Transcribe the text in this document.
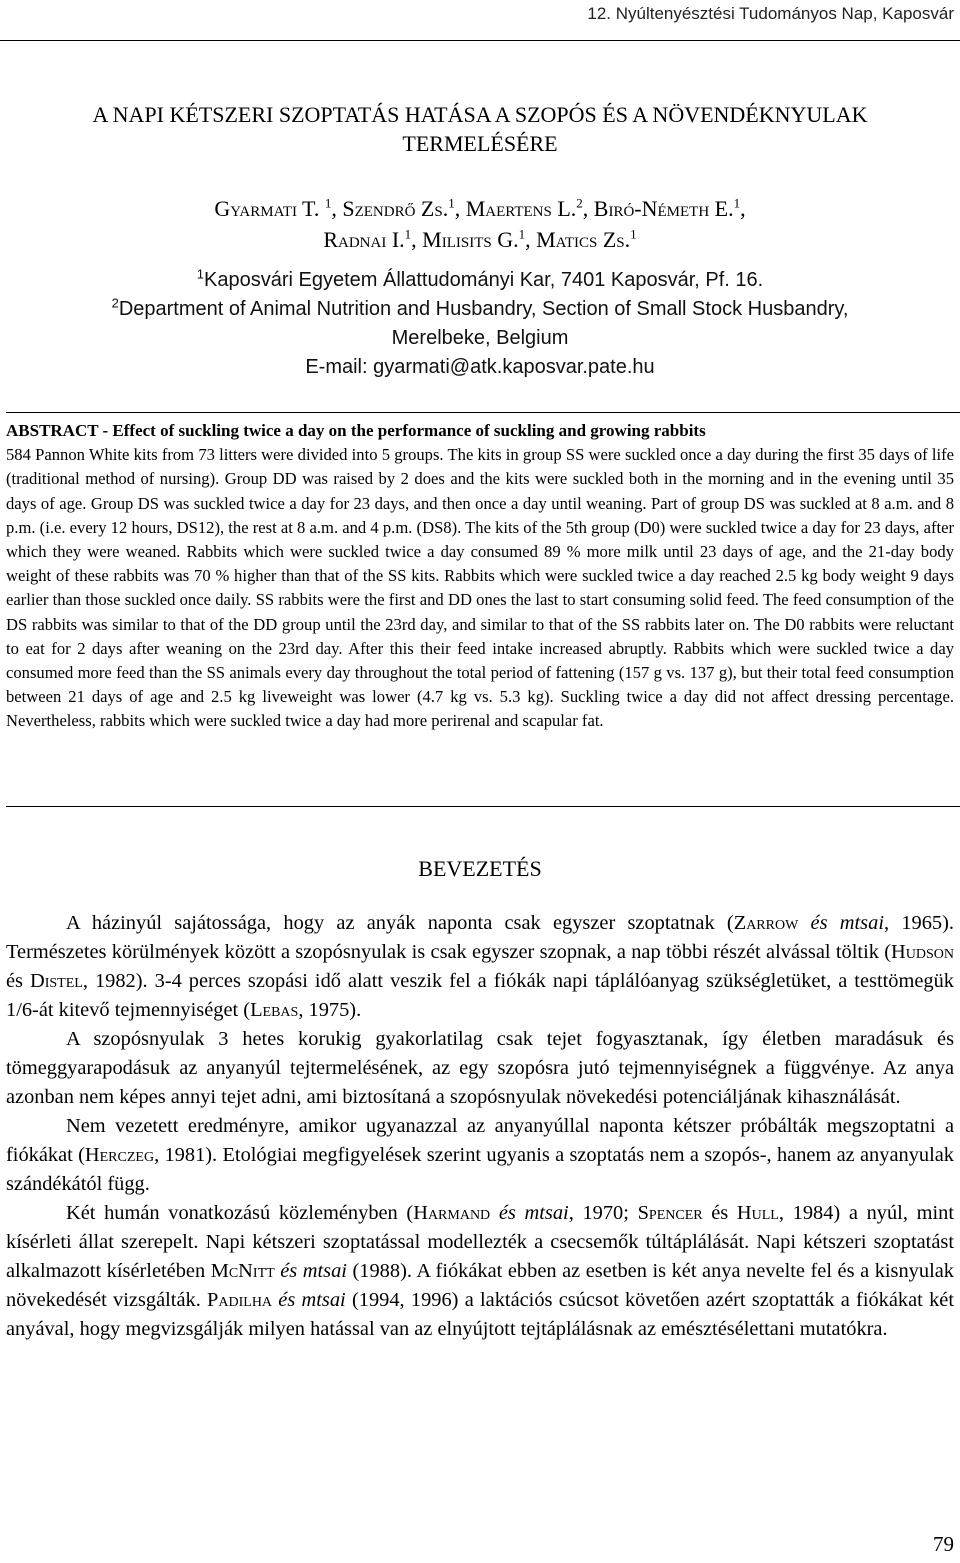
12. Nyúltenyésztési Tudományos Nap, Kaposvár
A NAPI KÉTSZERI SZOPTATÁS HATÁSA A SZOPÓS ÉS A NÖVENDÉKNYULAK
TERMELÉSÉRE
Gyarmati T. $^1$, Szendrő Zs.$^1$, Maertens L.$^2$, Biró-Németh E.$^1$,
Radnai I.$^1$, Milisits G.$^1$, Matics Zs.$^1$
$^1$Kaposvári Egyetem Állattudományi Kar, 7401 Kaposvár, Pf. 16.
$^2$Department of Animal Nutrition and Husbandry, Section of Small Stock Husbandry,
Merelbeke, Belgium
E-mail: gyarmati@atk.kaposvar.pate.hu
ABSTRACT - Effect of suckling twice a day on the performance of suckling and growing rabbits
584 Pannon White kits from 73 litters were divided into 5 groups. The kits in group SS were suckled once a day during the first 35 days of life (traditional method of nursing). Group DD was raised by 2 does and the kits were suckled both in the morning and in the evening until 35 days of age. Group DS was suckled twice a day for 23 days, and then once a day until weaning. Part of group DS was suckled at 8 a.m. and 8 p.m. (i.e. every 12 hours, DS12), the rest at 8 a.m. and 4 p.m. (DS8). The kits of the 5th group (D0) were suckled twice a day for 23 days, after which they were weaned. Rabbits which were suckled twice a day consumed 89 % more milk until 23 days of age, and the 21-day body weight of these rabbits was 70 % higher than that of the SS kits. Rabbits which were suckled twice a day reached 2.5 kg body weight 9 days earlier than those suckled once daily. SS rabbits were the first and DD ones the last to start consuming solid feed. The feed consumption of the DS rabbits was similar to that of the DD group until the 23rd day, and similar to that of the SS rabbits later on. The D0 rabbits were reluctant to eat for 2 days after weaning on the 23rd day. After this their feed intake increased abruptly. Rabbits which were suckled twice a day consumed more feed than the SS animals every day throughout the total period of fattening (157 g vs. 137 g), but their total feed consumption between 21 days of age and 2.5 kg liveweight was lower (4.7 kg vs. 5.3 kg). Suckling twice a day did not affect dressing percentage. Nevertheless, rabbits which were suckled twice a day had more perirenal and scapular fat.
BEVEZETÉS

A házinyúl sajátossága, hogy az anyák naponta csak egyszer szoptatnak (Zarrow és mtsai, 1965). Természetes körülmények között a szopósnyulak is csak egyszer szopnak, a nap többi részét alvással töltik (Hudson és Distel, 1982). 3-4 perces szopási idő alatt veszik fel a fiókák napi táplálóanyag szükségletüket, a testtömegük 1/6-át kitevő tejmennyiséget (Lebas, 1975).

A szopósnyulak 3 hetes korukig gyakorlatilag csak tejet fogyasztanak, így életben maradásuk és tömeggyarapodásuk az anyanyúl tejtermelésének, az egy szopósra jutó tejmennyiségnek a függvénye. Az anya azonban nem képes annyi tejet adni, ami biztosítaná a szopósnyulak növekedési potenciáljának kihasználását.

Nem vezetett eredményre, amikor ugyanazzal az anyanyúllal naponta kétszer próbálták megszoptatni a fiókákat (Herczeg, 1981). Etológiai megfigyelések szerint ugyanis a szoptatás nem a szopós-, hanem az anyanyulak szándékától függ.

Két humán vonatkozású közleményben (Harmand és mtsai, 1970; Spencer és Hull, 1984) a nyúl, mint kísérleti állat szerepelt. Napi kétszeri szoptatással modellezték a csecsemők túltáplálását. Napi kétszeri szoptatást alkalmazott kísérletében McNitt és mtsai (1988). A fiókákat ebben az esetben is két anya nevelte fel és a kisnyulak növekedését vizsgálták. Padilha és mtsai (1994, 1996) a laktációs csúcsot követően azért szoptatták a fiókákat két anyával, hogy megvizsgálják milyen hatással van az elnyújtott tejtáplálásnak az emésztésélettani mutatókra.

79
